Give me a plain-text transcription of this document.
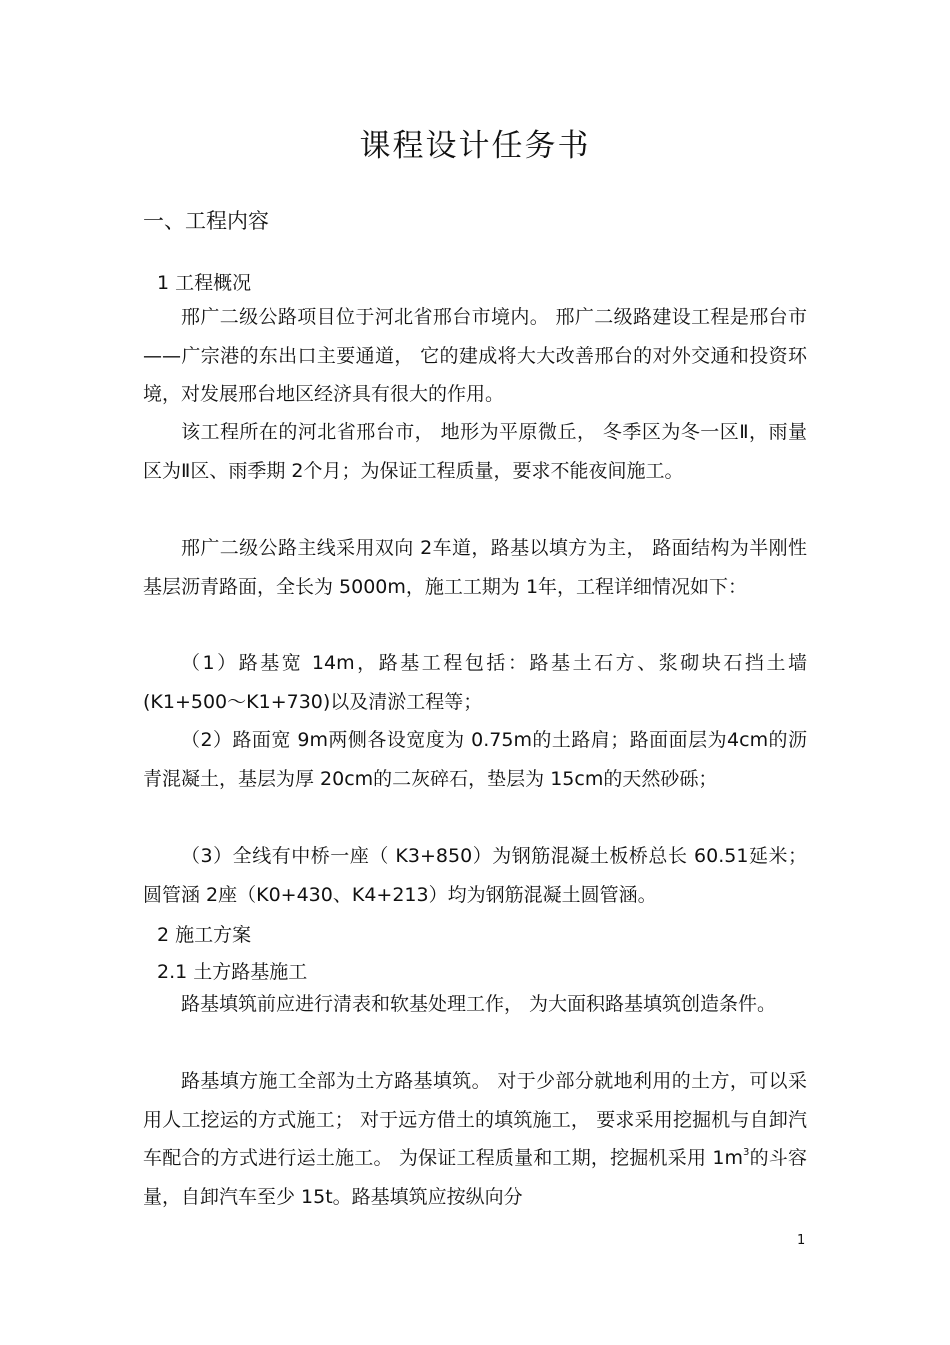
课程设计任务书
一、工程内容
1 工程概况

邢广二级公路项目位于河北省邢台市境内。 邢广二级路建设工程是邢台市——广宗港的东出口主要通道， 它的建成将大大改善邢台的对外交通和投资环境，对发展邢台地区经济具有很大的作用。

该工程所在的河北省邢台市， 地形为平原微丘， 冬季区为冬一区Ⅱ，雨量区为Ⅱ区、雨季期 2个月；为保证工程质量，要求不能夜间施工。

邢广二级公路主线采用双向 2车道，路基以填方为主， 路面结构为半刚性基层沥青路面，全长为 5000m，施工工期为 1年，工程详细情况如下：

（1）路基宽 14m，路基工程包括：路基土石方、浆砌块石挡土墙(K1+500～K1+730)以及清淤工程等；

（2）路面宽 9m两侧各设宽度为 0.75m的土路肩；路面面层为4cm的沥青混凝土，基层为厚 20cm的二灰碎石，垫层为 15cm的天然砂砾；

（3）全线有中桥一座（ K3+850）为钢筋混凝土板桥总长 60.51延米；圆管涵 2座（K0+430、K4+213）均为钢筋混凝土圆管涵。

2 施工方案
2.1 土方路基施工

路基填筑前应进行清表和软基处理工作， 为大面积路基填筑创造条件。

路基填方施工全部为土方路基填筑。 对于少部分就地利用的土方，可以采用人工挖运的方式施工； 对于远方借土的填筑施工， 要求采用挖掘机与自卸汽车配合的方式进行运土施工。 为保证工程质量和工期，挖掘机采用 $1m^3$的斗容量，自卸汽车至少 15t。路基填筑应按纵向分

1
